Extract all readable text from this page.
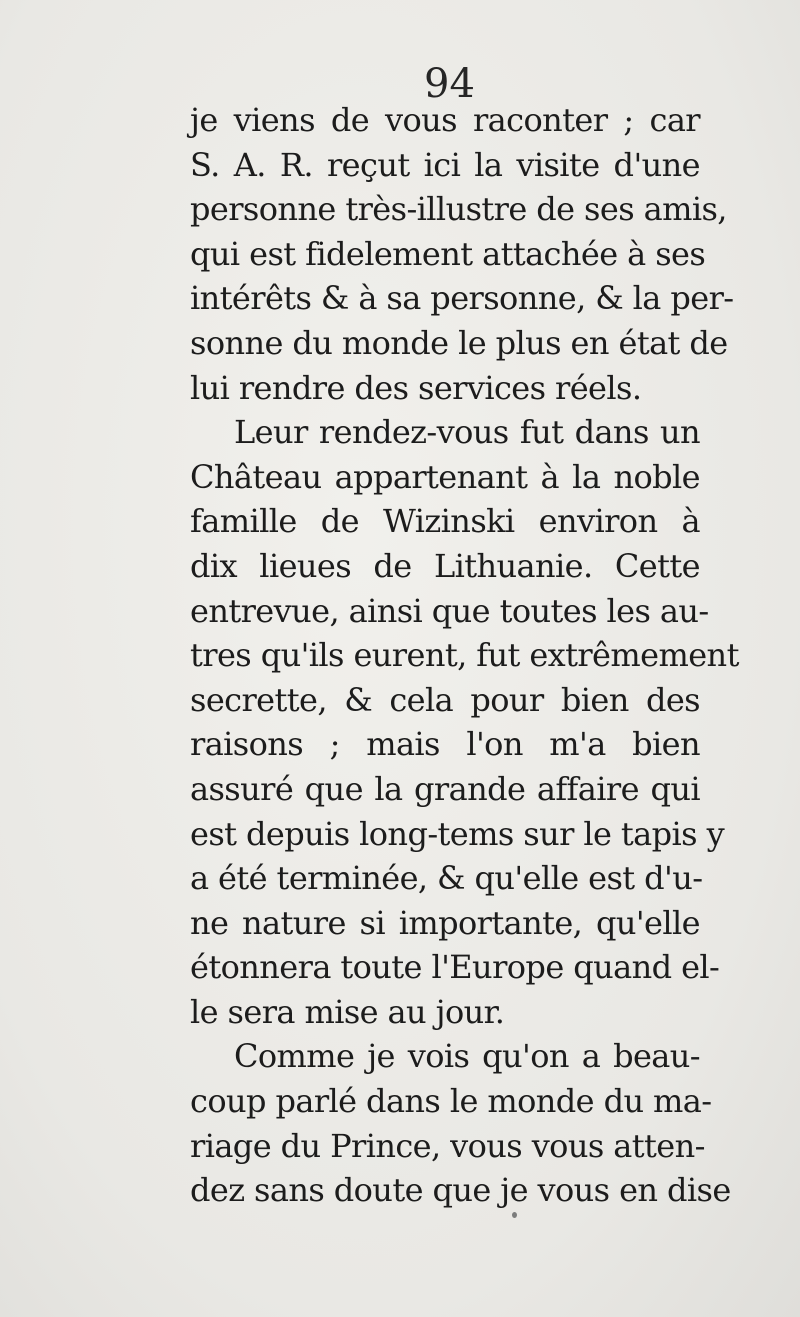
94
je viens de vous raconter ; car
S. A. R. reçut ici la visite d'une
personne très-illustre de ses amis,
qui est fidelement attachée à ses
intérêts & à sa personne, & la per-
sonne du monde le plus en état de
lui rendre des services réels.
Leur rendez-vous fut dans un
Château appartenant à la noble
famille de Wizinski environ à
dix lieues de Lithuanie. Cette
entrevue, ainsi que toutes les au-
tres qu'ils eurent, fut extrêmement
secrette, & cela pour bien des
raisons ; mais l'on m'a bien
assuré que la grande affaire qui
est depuis long-tems sur le tapis y
a été terminée, & qu'elle est d'u-
ne nature si importante, qu'elle
étonnera toute l'Europe quand el-
le sera mise au jour.
Comme je vois qu'on a beau-
coup parlé dans le monde du ma-
riage du Prince, vous vous atten-
dez sans doute que je vous en dise
